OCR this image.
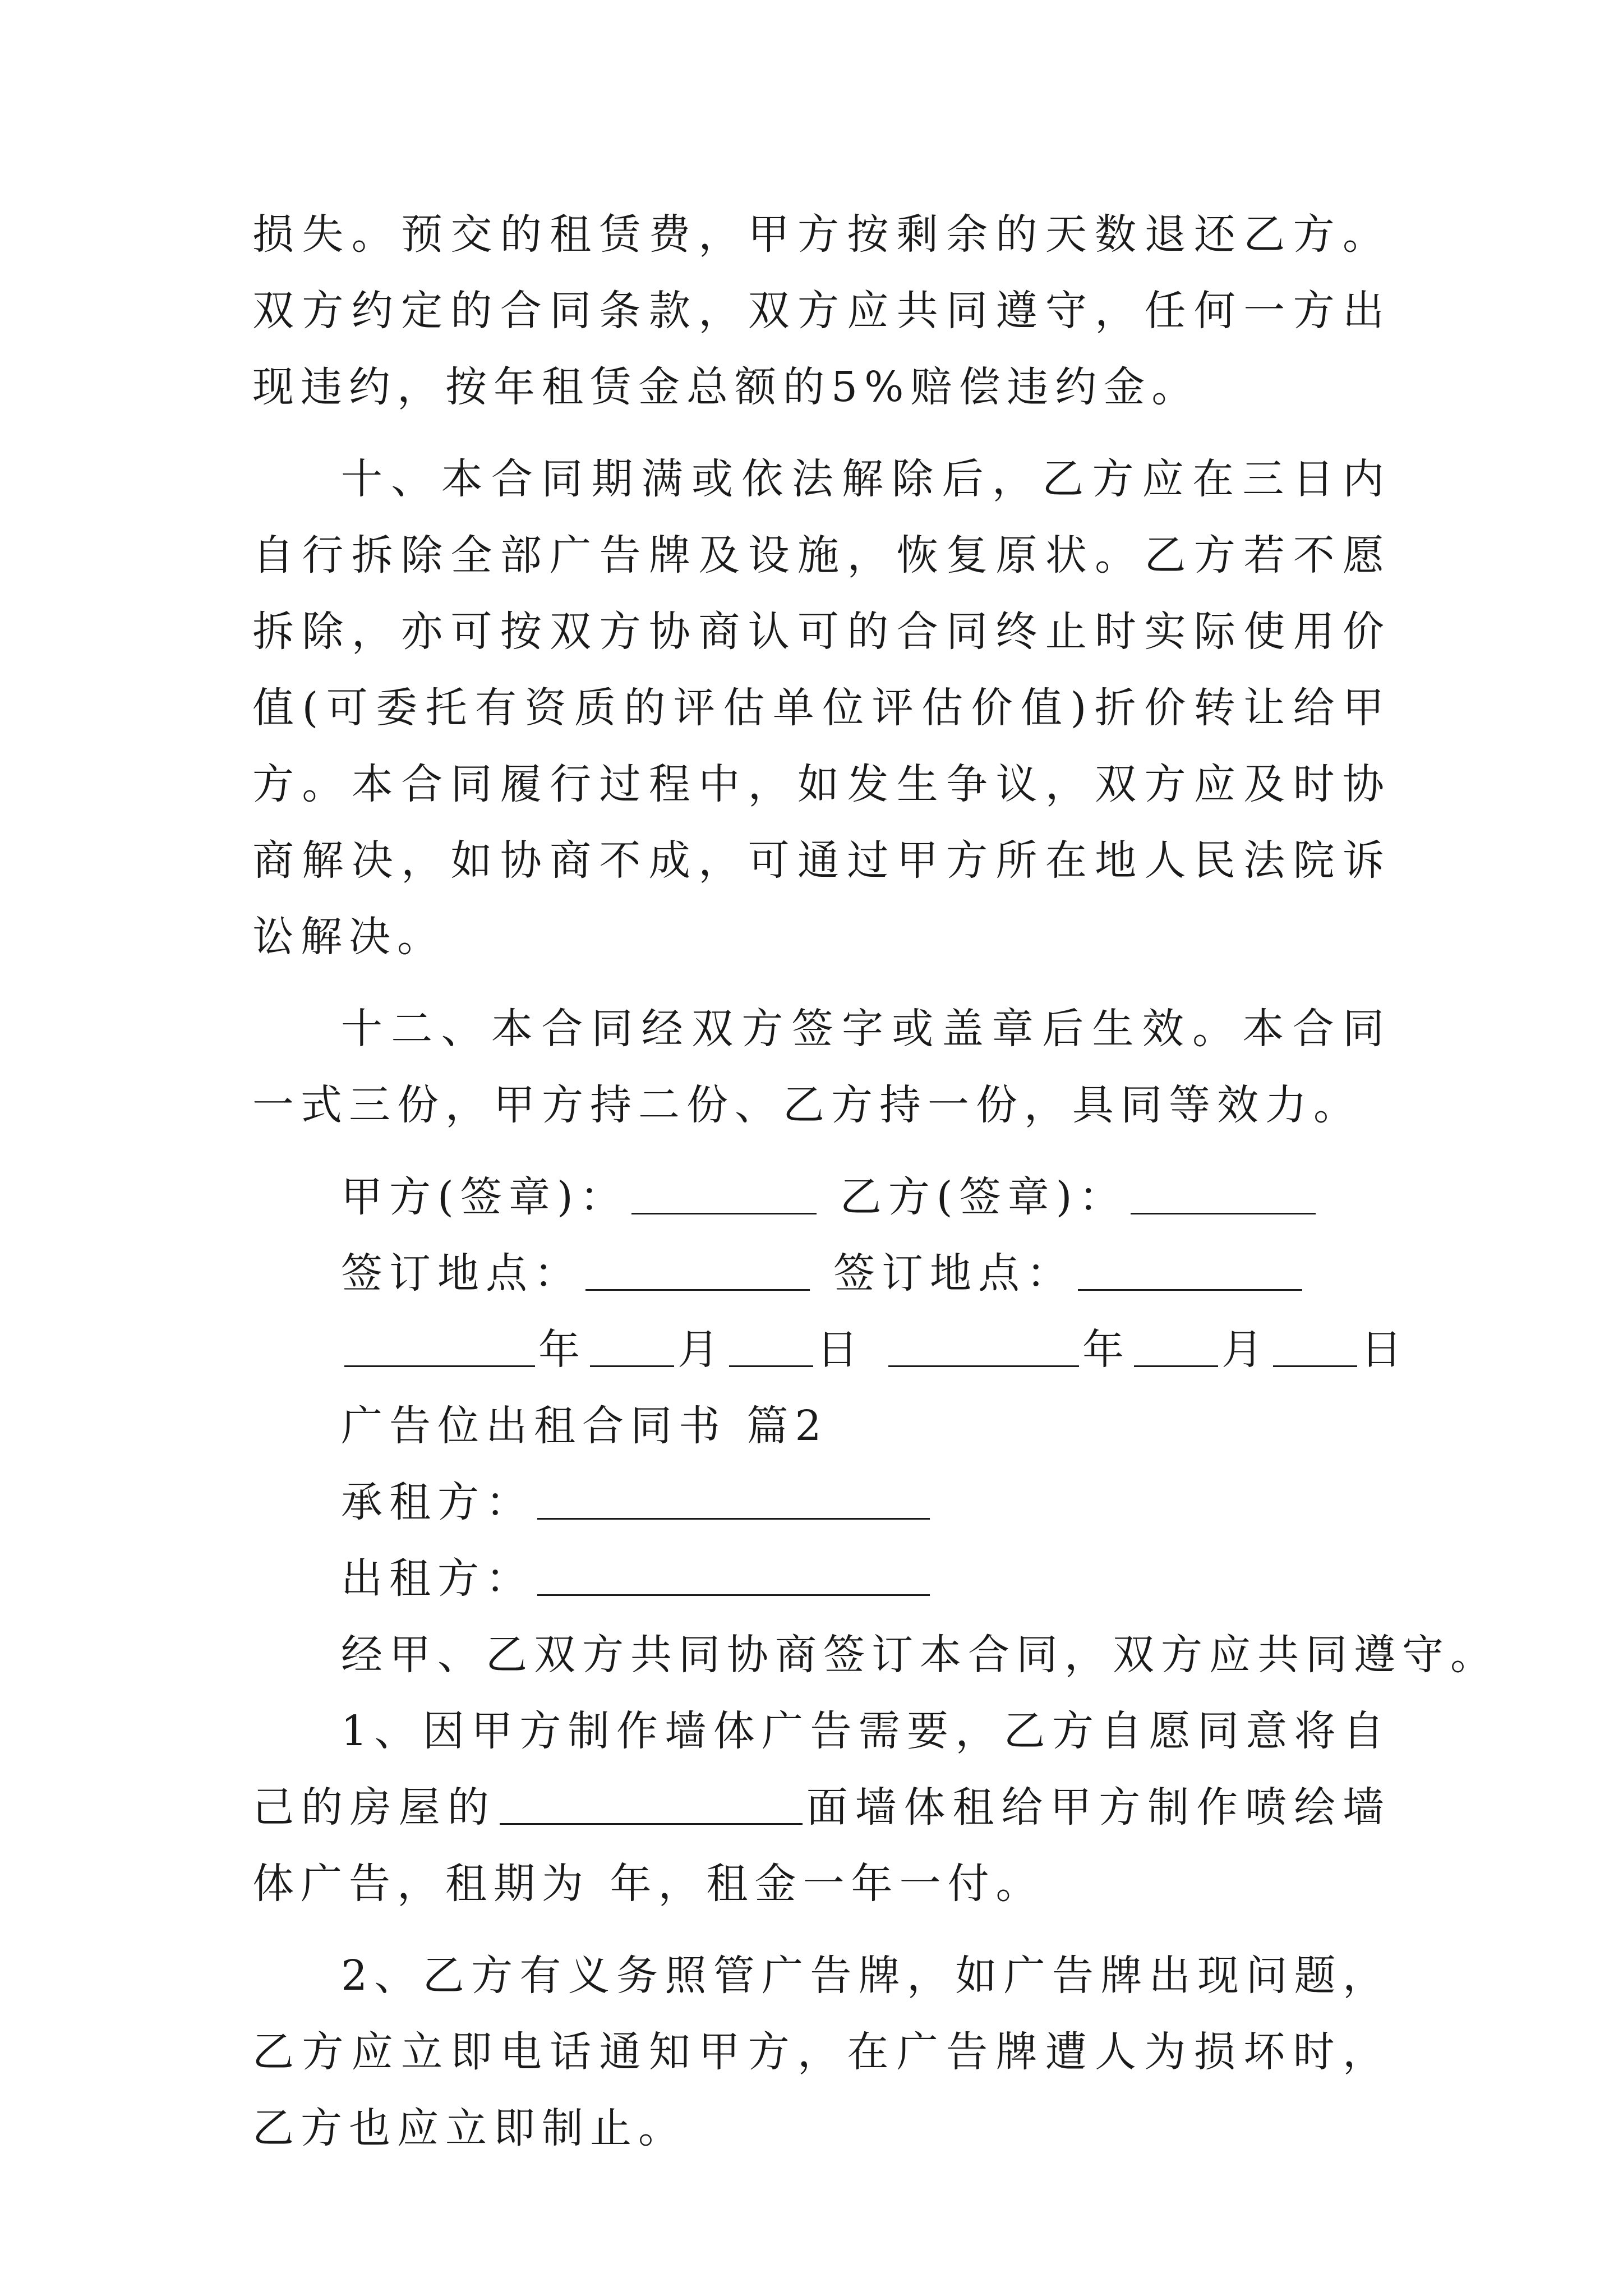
损失。预交的租赁费，甲方按剩余的天数退还乙方。双方约定的合同条款，双方应共同遵守，任何一方出现违约，按年租赁金总额的5%赔偿违约金。

十、本合同期满或依法解除后，乙方应在三日内自行拆除全部广告牌及设施，恢复原状。乙方若不愿拆除，亦可按双方协商认可的合同终止时实际使用价值(可委托有资质的评估单位评估价值)折价转让给甲方。本合同履行过程中，如发生争议，双方应及时协商解决，如协商不成，可通过甲方所在地人民法院诉讼解决。

十二、本合同经双方签字或盖章后生效。本合同一式三份，甲方持二份、乙方持一份，具同等效力。

甲方(签章)：	乙方(签章)：
签订地点：	签订地点：
年 月 日	年 月 日
广告位出租合同书 篇2
承租方：
出租方：
经甲、乙双方共同协商签订本合同，双方应共同遵守。

1、因甲方制作墙体广告需要，乙方自愿同意将自己的房屋的	面墙体租给甲方制作喷绘墙体广告，租期为 年，租金一年一付。

2、乙方有义务照管广告牌，如广告牌出现问题，乙方应立即电话通知甲方，在广告牌遭人为损坏时，乙方也应立即制止。
